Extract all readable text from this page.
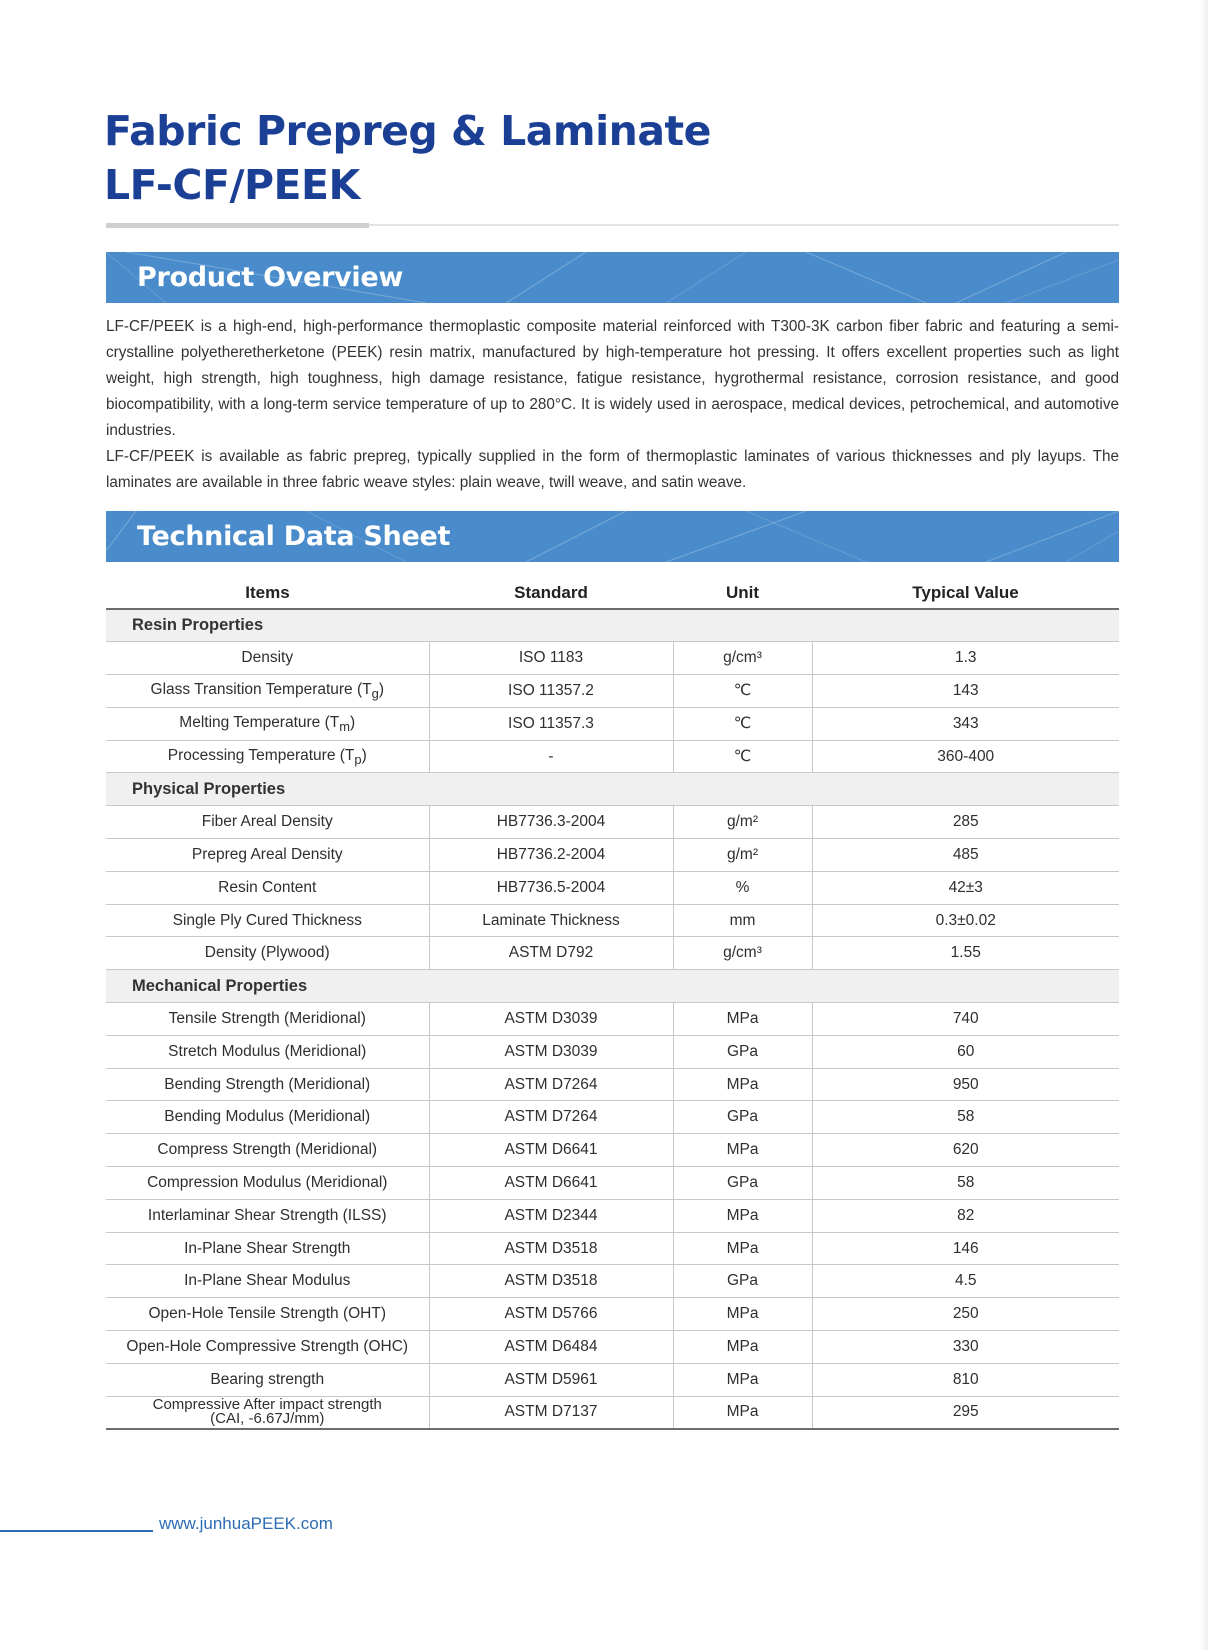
Fabric Prepreg & Laminate
LF-CF/PEEK
Product Overview

LF-CF/PEEK is a high-end, high-performance thermoplastic composite material reinforced with T300-3K carbon fiber fabric and featuring a semi-crystalline polyetheretherketone (PEEK) resin matrix, manufactured by high-temperature hot pressing. It offers excellent properties such as light weight, high strength, high toughness, high damage resistance, fatigue resistance, hygrothermal resistance, corrosion resistance, and good biocompatibility, with a long-term service temperature of up to 280°C. It is widely used in aerospace, medical devices, petrochemical, and automotive industries.

LF-CF/PEEK is available as fabric prepreg, typically supplied in the form of thermoplastic laminates of various thicknesses and ply layups. The laminates are available in three fabric weave styles: plain weave, twill weave, and satin weave.

Technical Data Sheet
Items	Standard	Unit	Typical Value
Resin Properties			
Density	ISO 1183	g/cm³	1.3
Glass Transition Temperature $(T_g)$	ISO 11357.2	℃	143
Melting Temperature $(T_m)$	ISO 11357.3	℃	343
Processing Temperature $(T_p)$	-	℃	360-400
Physical Properties			
Fiber Areal Density	HB7736.3-2004	g/m²	285
Prepreg Areal Density	HB7736.2-2004	g/m²	485
Resin Content	HB7736.5-2004	%	42±3
Single Ply Cured Thickness	Laminate Thickness	mm	0.3±0.02
Density (Plywood)	ASTM D792	g/cm³	1.55
Mechanical Properties			
Tensile Strength (Meridional)	ASTM D3039	MPa	740
Stretch Modulus (Meridional)	ASTM D3039	GPa	60
Bending Strength (Meridional)	ASTM D7264	MPa	950
Bending Modulus (Meridional)	ASTM D7264	GPa	58
Compress Strength (Meridional)	ASTM D6641	MPa	620
Compression Modulus (Meridional)	ASTM D6641	GPa	58
Interlaminar Shear Strength (ILSS)	ASTM D2344	MPa	82
In-Plane Shear Strength	ASTM D3518	MPa	146
In-Plane Shear Modulus	ASTM D3518	GPa	4.5
Open-Hole Tensile Strength (OHT)	ASTM D5766	MPa	250
Open-Hole Compressive Strength (OHC)	ASTM D6484	MPa	330
Bearing strength	ASTM D5961	MPa	810

Compressive After impact strength
(CAI, -6.67J/mm)	ASTM D7137	MPa	295
www.junhuaPEEK.com
